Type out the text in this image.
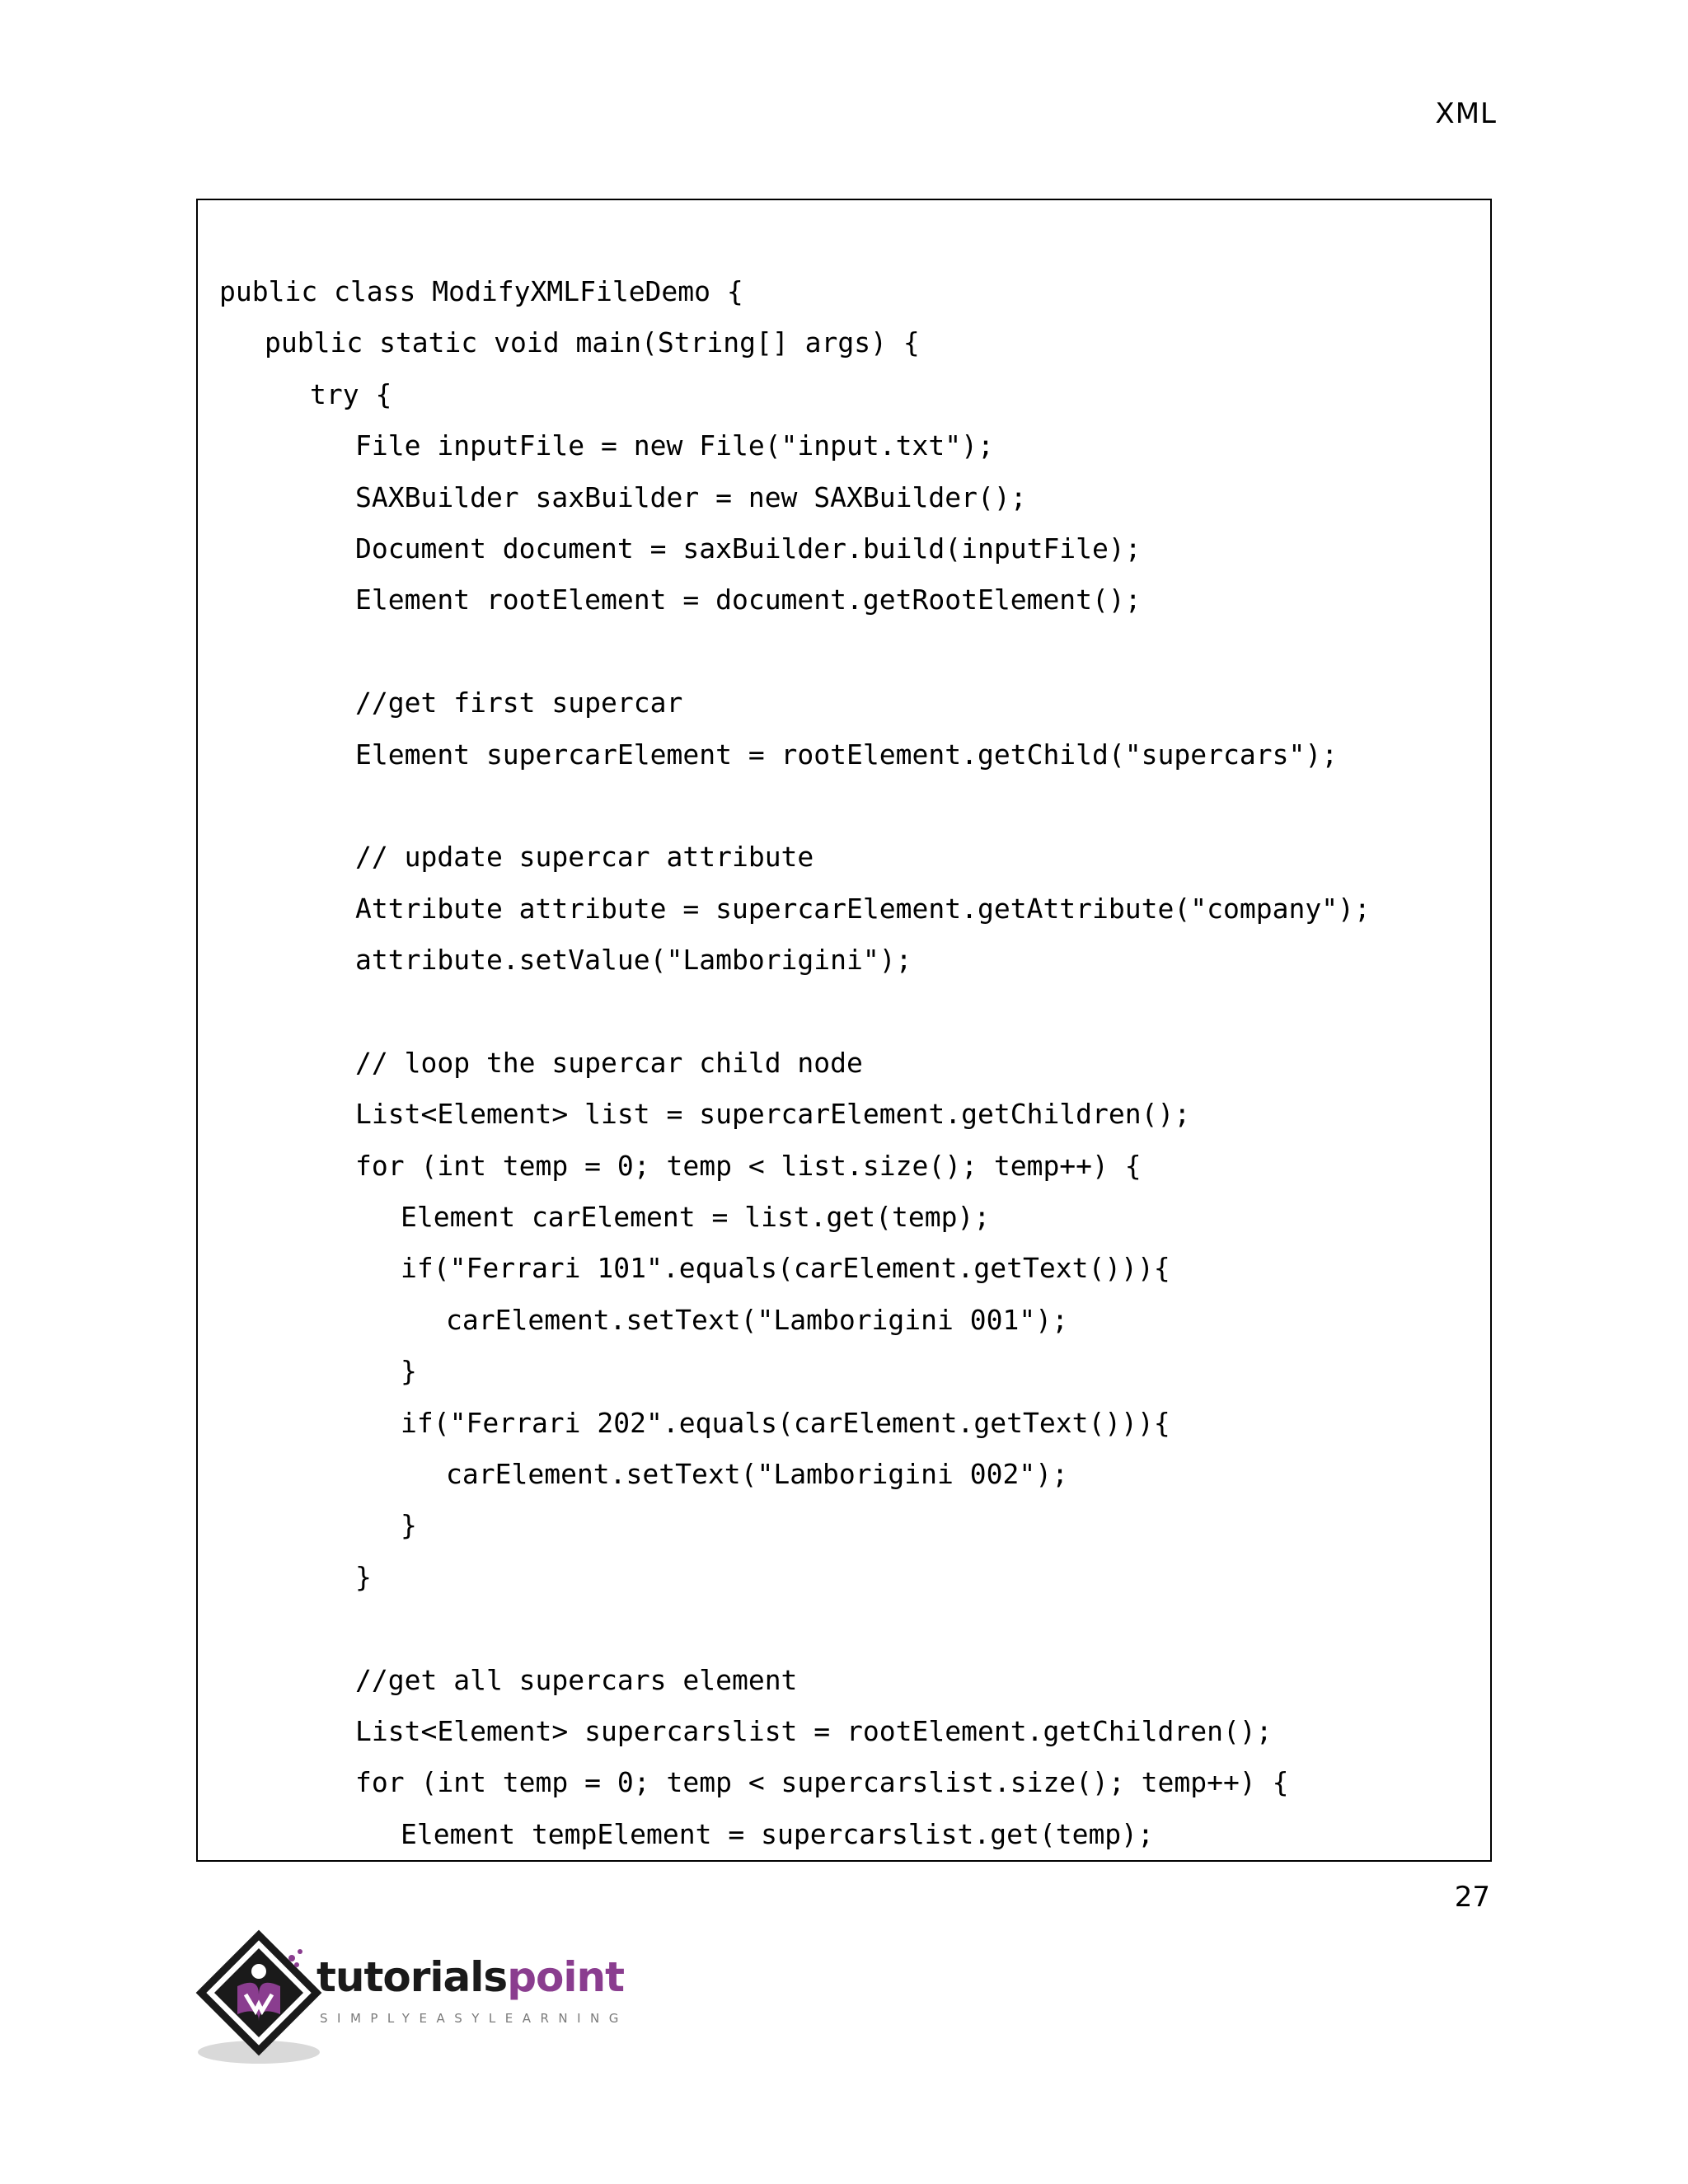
XML
public class ModifyXMLFileDemo {
public static void main(String[] args) {
try {
File inputFile = new File("input.txt");
SAXBuilder saxBuilder = new SAXBuilder();
Document document = saxBuilder.build(inputFile);
Element rootElement = document.getRootElement();
//get first supercar
Element supercarElement = rootElement.getChild("supercars");
// update supercar attribute
Attribute attribute = supercarElement.getAttribute("company");
attribute.setValue("Lamborigini");
// loop the supercar child node
List<Element> list = supercarElement.getChildren();
for (int temp = 0; temp < list.size(); temp++) {
Element carElement = list.get(temp);
if("Ferrari 101".equals(carElement.getText())){
carElement.setText("Lamborigini 001");
}
if("Ferrari 202".equals(carElement.getText())){
carElement.setText("Lamborigini 002");
}
}
//get all supercars element
List<Element> supercarslist = rootElement.getChildren();
for (int temp = 0; temp < supercarslist.size(); temp++) {
Element tempElement = supercarslist.get(temp);
27
tutorialspoint
SIMPLYEASYLEARNING
